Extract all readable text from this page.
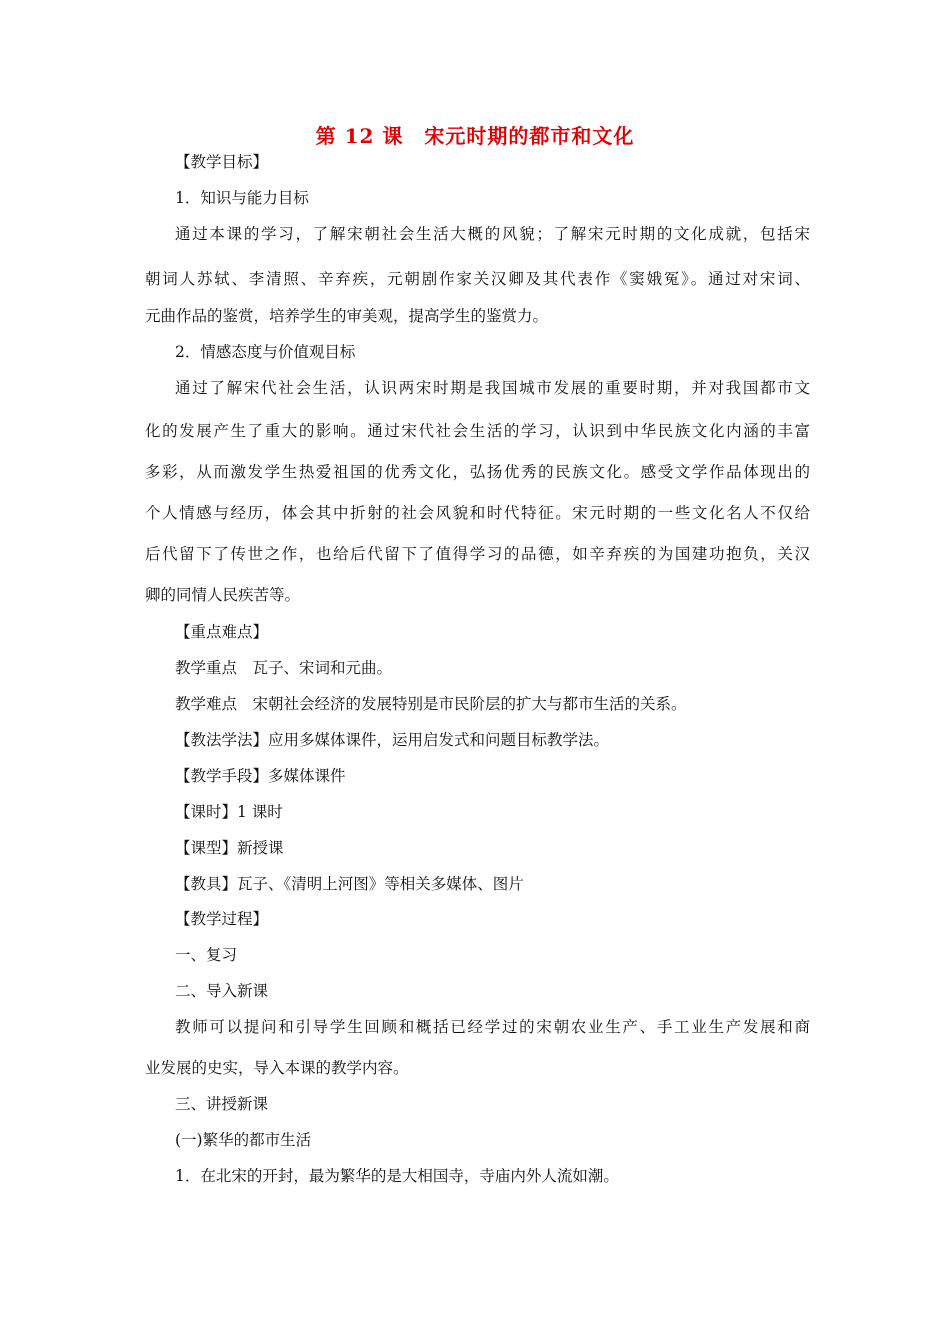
第 12 课　宋元时期的都市和文化
【教学目标】
1．知识与能力目标
通过本课的学习，了解宋朝社会生活大概的风貌；了解宋元时期的文化成就，包括宋
朝词人苏轼、李清照、辛弃疾，元朝剧作家关汉卿及其代表作《窦娥冤》。通过对宋词、
元曲作品的鉴赏，培养学生的审美观，提高学生的鉴赏力。
2．情感态度与价值观目标
通过了解宋代社会生活，认识两宋时期是我国城市发展的重要时期，并对我国都市文
化的发展产生了重大的影响。通过宋代社会生活的学习，认识到中华民族文化内涵的丰富
多彩，从而激发学生热爱祖国的优秀文化，弘扬优秀的民族文化。感受文学作品体现出的
个人情感与经历，体会其中折射的社会风貌和时代特征。宋元时期的一些文化名人不仅给
后代留下了传世之作，也给后代留下了值得学习的品德，如辛弃疾的为国建功抱负，关汉
卿的同情人民疾苦等。
【重点难点】
教学重点　瓦子、宋词和元曲。
教学难点　宋朝社会经济的发展特别是市民阶层的扩大与都市生活的关系。
【教法学法】应用多媒体课件，运用启发式和问题目标教学法。
【教学手段】多媒体课件
【课时】1 课时
【课型】新授课
【教具】瓦子、《清明上河图》等相关多媒体、图片
【教学过程】
一、复习
二、导入新课
教师可以提问和引导学生回顾和概括已经学过的宋朝农业生产、手工业生产发展和商
业发展的史实，导入本课的教学内容。
三、讲授新课
(一)繁华的都市生活
1．在北宋的开封，最为繁华的是大相国寺，寺庙内外人流如潮。
